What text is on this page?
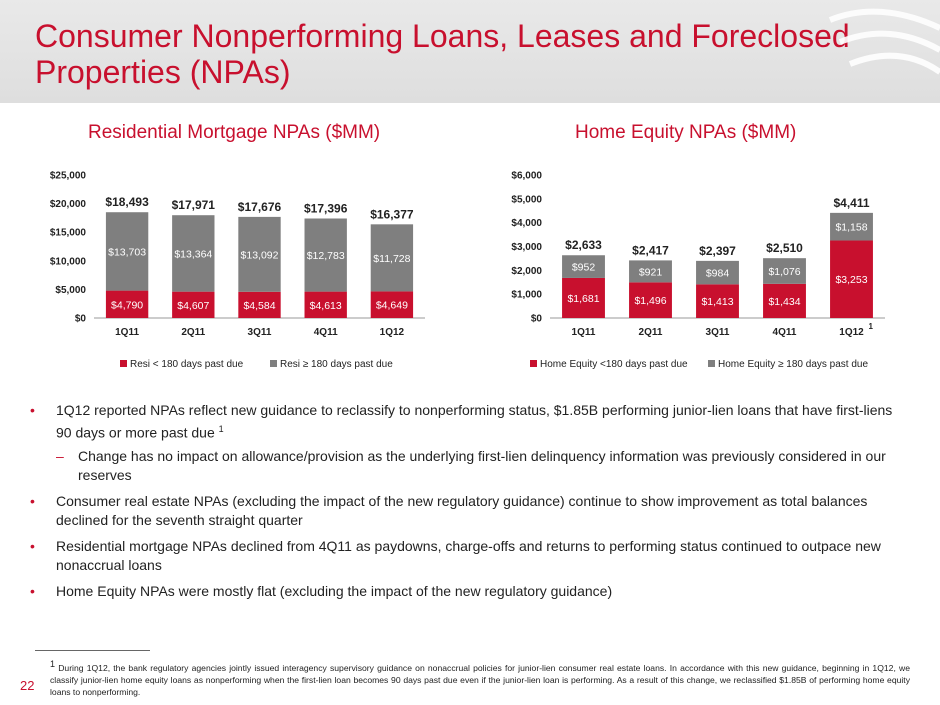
Consumer Nonperforming Loans, Leases and Foreclosed Properties (NPAs)
Residential Mortgage NPAs ($MM)	Home Equity NPAs ($MM)
$0
$5,000
$10,000
$15,000
$20,000
$25,000
$4,790
$13,703
$18,493
1Q11
$4,607
$13,364
$17,971
2Q11
$4,584
$13,092
$17,676
3Q11
$4,613
$12,783
$17,396
4Q11
$4,649
$11,728
$16,377
1Q12
Resi < 180 days past due	Resi ≥ 180 days past due
$0
$1,000
$2,000
$3,000
$4,000
$5,000
$6,000
$1,681
$952
$2,633
1Q11
$1,496
$921
$2,417
2Q11
$1,413
$984
$2,397
3Q11
$1,434
$1,076
$2,510
4Q11
$3,253
$1,158
$4,411
1Q12
1
Home Equity <180 days past due	Home Equity ≥ 180 days past due
• 1Q12 reported NPAs reflect new guidance to reclassify to nonperforming status, $1.85B performing junior-lien loans that have first-liens 90 days or more past due $^1$
– Change has no impact on allowance/provision as the underlying first-lien delinquency information was previously considered in our reserves
• Consumer real estate NPAs (excluding the impact of the new regulatory guidance) continue to show improvement as total balances declined for the seventh straight quarter
• Residential mortgage NPAs declined from 4Q11 as paydowns, charge-offs and returns to performing status continued to outpace new nonaccrual loans
• Home Equity NPAs were mostly flat (excluding the impact of the new regulatory guidance)
$^1$ During 1Q12, the bank regulatory agencies jointly issued interagency supervisory guidance on nonaccrual policies for junior-lien consumer real estate loans. In accordance with this new guidance, beginning in 1Q12, we classify junior-lien home equity loans as nonperforming when the first-lien loan becomes 90 days past due even if the junior-lien loan is performing. As a result of this change, we reclassified $1.85B of performing home equity loans to nonperforming.
22
